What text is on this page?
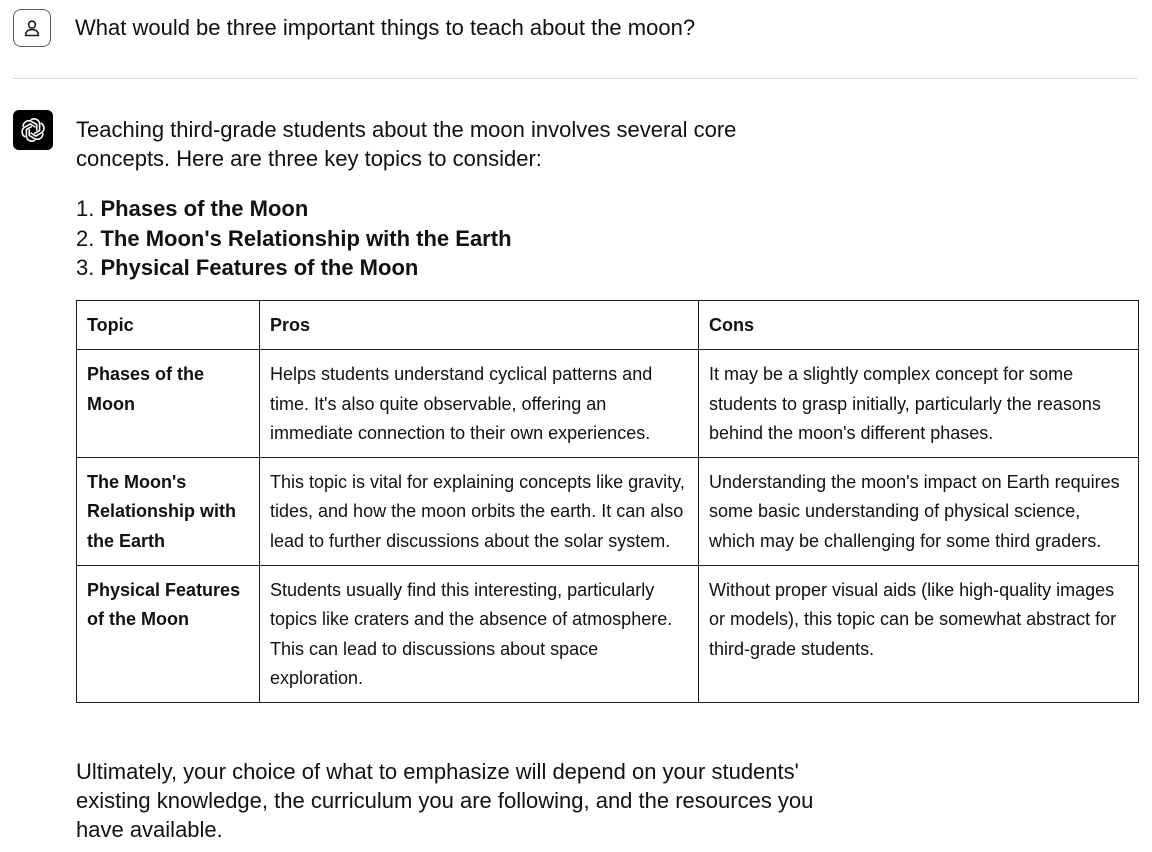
What would be three important things to teach about the moon?

Teaching third-grade students about the moon involves several core concepts. Here are three key topics to consider:

1. Phases of the Moon
2. The Moon's Relationship with the Earth
3. Physical Features of the Moon
Topic	Pros	Cons
Phases of the Moon	Helps students understand cyclical patterns and time. It's also quite observable, offering an immediate connection to their own experiences.	It may be a slightly complex concept for some students to grasp initially, particularly the reasons behind the moon's different phases.
The Moon's Relationship with the Earth	This topic is vital for explaining concepts like gravity, tides, and how the moon orbits the earth. It can also lead to further discussions about the solar system.	Understanding the moon's impact on Earth requires some basic understanding of physical science, which may be challenging for some third graders.
Physical Features of the Moon	Students usually find this interesting, particularly topics like craters and the absence of atmosphere. This can lead to discussions about space exploration.	Without proper visual aids (like high-quality images or models), this topic can be somewhat abstract for third-grade students.

Ultimately, your choice of what to emphasize will depend on your students' existing knowledge, the curriculum you are following, and the resources you have available.
